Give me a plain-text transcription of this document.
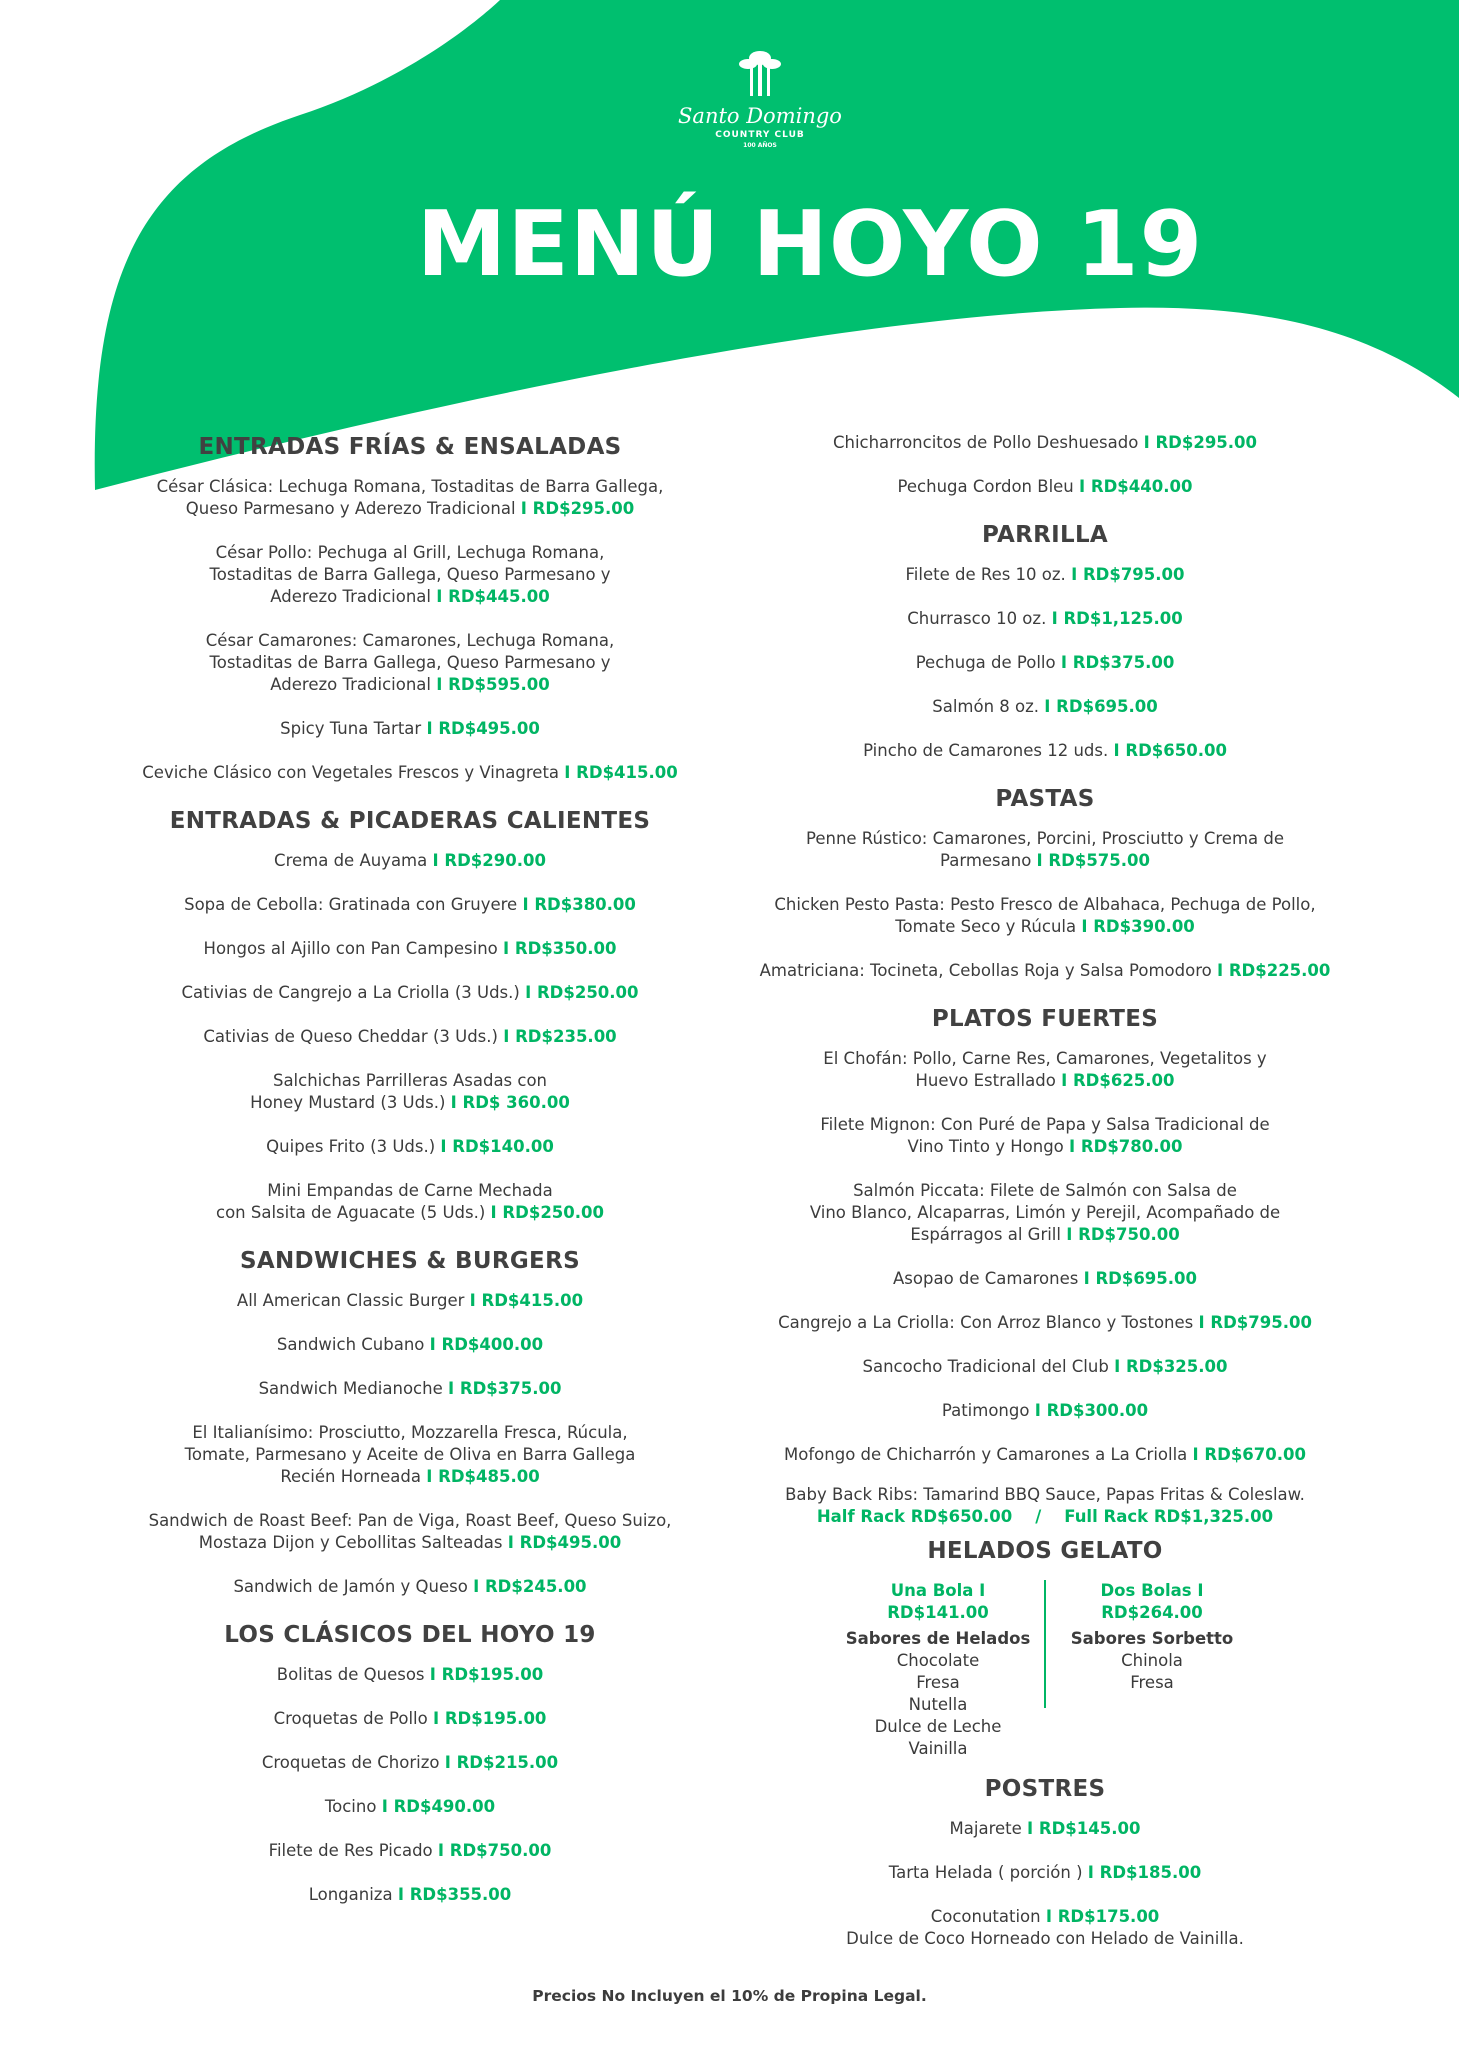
Santo Domingo
COUNTRY CLUB
100 AÑOS
MENÚ HOYO 19

ENTRADAS FRÍAS & ENSALADAS

César Clásica: Lechuga Romana, Tostaditas de Barra Gallega,

Queso Parmesano y Aderezo Tradicional I RD$295.00

César Pollo: Pechuga al Grill, Lechuga Romana,

Tostaditas de Barra Gallega, Queso Parmesano y

Aderezo Tradicional I RD$445.00

César Camarones: Camarones, Lechuga Romana,

Tostaditas de Barra Gallega, Queso Parmesano y

Aderezo Tradicional I RD$595.00

Spicy Tuna Tartar I RD$495.00

Ceviche Clásico con Vegetales Frescos y Vinagreta I RD$415.00

ENTRADAS & PICADERAS CALIENTES

Crema de Auyama I RD$290.00

Sopa de Cebolla: Gratinada con Gruyere I RD$380.00

Hongos al Ajillo con Pan Campesino I RD$350.00

Cativias de Cangrejo a La Criolla (3 Uds.) I RD$250.00

Cativias de Queso Cheddar (3 Uds.) I RD$235.00

Salchichas Parrilleras Asadas con

Honey Mustard (3 Uds.) I RD$ 360.00

Quipes Frito (3 Uds.) I RD$140.00

Mini Empandas de Carne Mechada

con Salsita de Aguacate (5 Uds.) I RD$250.00

SANDWICHES & BURGERS

All American Classic Burger I RD$415.00

Sandwich Cubano I RD$400.00

Sandwich Medianoche I RD$375.00

El Italianísimo: Prosciutto, Mozzarella Fresca, Rúcula,

Tomate, Parmesano y Aceite de Oliva en Barra Gallega

Recién Horneada I RD$485.00

Sandwich de Roast Beef: Pan de Viga, Roast Beef, Queso Suizo,

Mostaza Dijon y Cebollitas Salteadas I RD$495.00

Sandwich de Jamón y Queso I RD$245.00

LOS CLÁSICOS DEL HOYO 19

Bolitas de Quesos I RD$195.00

Croquetas de Pollo I RD$195.00

Croquetas de Chorizo I RD$215.00

Tocino I RD$490.00

Filete de Res Picado I RD$750.00

Longaniza I RD$355.00

Chicharroncitos de Pollo Deshuesado I RD$295.00

Pechuga Cordon Bleu I RD$440.00

PARRILLA

Filete de Res 10 oz. I RD$795.00

Churrasco 10 oz. I RD$1,125.00

Pechuga de Pollo I RD$375.00

Salmón 8 oz. I RD$695.00

Pincho de Camarones 12 uds. I RD$650.00

PASTAS

Penne Rústico: Camarones, Porcini, Prosciutto y Crema de

Parmesano I RD$575.00

Chicken Pesto Pasta: Pesto Fresco de Albahaca, Pechuga de Pollo,

Tomate Seco y Rúcula I RD$390.00

Amatriciana: Tocineta, Cebollas Roja y Salsa Pomodoro I RD$225.00

PLATOS FUERTES

El Chofán: Pollo, Carne Res, Camarones, Vegetalitos y

Huevo Estrallado I RD$625.00

Filete Mignon: Con Puré de Papa y Salsa Tradicional de

Vino Tinto y Hongo I RD$780.00

Salmón Piccata: Filete de Salmón con Salsa de

Vino Blanco, Alcaparras, Limón y Perejil, Acompañado de

Espárragos al Grill I RD$750.00

Asopao de Camarones I RD$695.00

Cangrejo a La Criolla: Con Arroz Blanco y Tostones I RD$795.00

Sancocho Tradicional del Club I RD$325.00

Patimongo I RD$300.00

Mofongo de Chicharrón y Camarones a La Criolla I RD$670.00

Baby Back Ribs: Tamarind BBQ Sauce, Papas Fritas & Coleslaw.

Half Rack RD$650.00    /    Full Rack RD$1,325.00

HELADOS GELATO

Una Bola I RD$141.00
Sabores de Helados
Chocolate
Fresa
Nutella
Dulce de Leche
Vainilla
Dos Bolas I RD$264.00
Sabores Sorbetto
Chinola
Fresa

POSTRES

Majarete I RD$145.00

Tarta Helada ( porción ) I RD$185.00

Coconutation I RD$175.00

Dulce de Coco Horneado con Helado de Vainilla.

Precios No Incluyen el 10% de Propina Legal.
